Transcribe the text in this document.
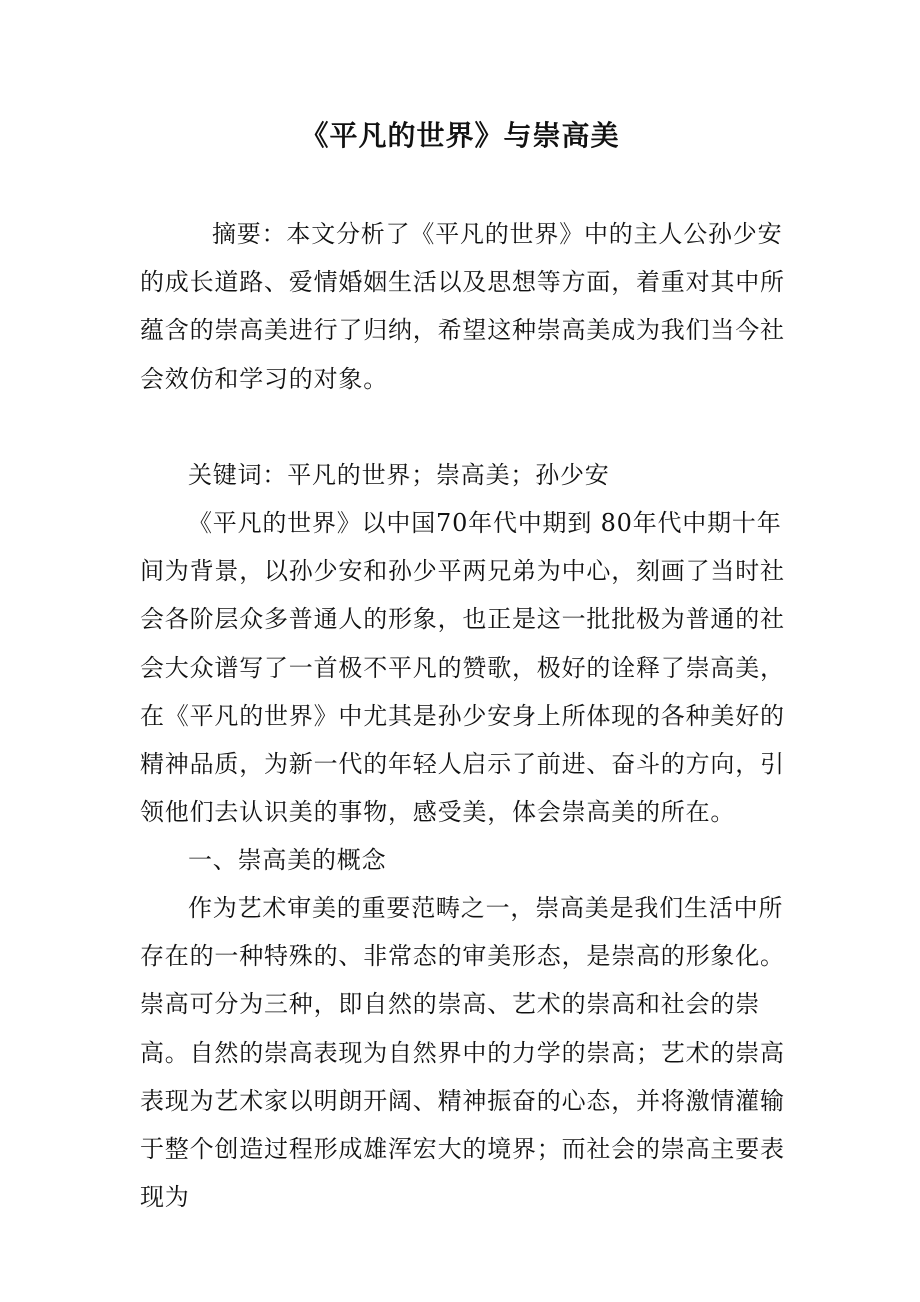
《平凡的世界》与崇高美

摘要：本文分析了《平凡的世界》中的主人公孙少安的成长道路、爱情婚姻生活以及思想等方面，着重对其中所蕴含的崇高美进行了归纳，希望这种崇高美成为我们当今社会效仿和学习的对象。

关键词：平凡的世界；崇高美；孙少安

《平凡的世界》以中国70年代中期到 80年代中期十年间为背景，以孙少安和孙少平两兄弟为中心，刻画了当时社会各阶层众多普通人的形象，也正是这一批批极为普通的社会大众谱写了一首极不平凡的赞歌，极好的诠释了崇高美，在《平凡的世界》中尤其是孙少安身上所体现的各种美好的精神品质，为新一代的年轻人启示了前进、奋斗的方向，引领他们去认识美的事物，感受美，体会崇高美的所在。

一、崇高美的概念

作为艺术审美的重要范畴之一，崇高美是我们生活中所存在的一种特殊的、非常态的审美形态，是崇高的形象化。崇高可分为三种，即自然的崇高、艺术的崇高和社会的崇高。自然的崇高表现为自然界中的力学的崇高；艺术的崇高表现为艺术家以明朗开阔、精神振奋的心态，并将激情灌输于整个创造过程形成雄浑宏大的境界；而社会的崇高主要表现为
